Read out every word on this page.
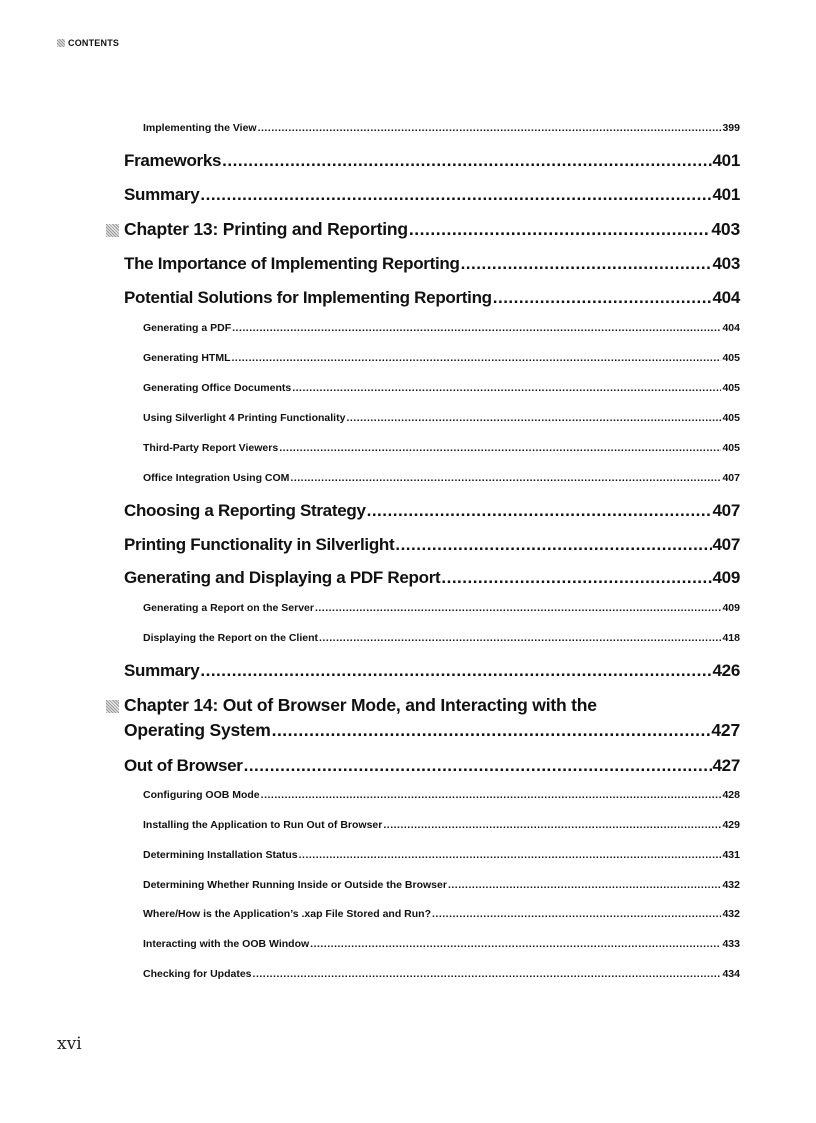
CONTENTS
Implementing the View .....	399
Frameworks .....	401
Summary .....	401
Chapter 13: Printing and Reporting .....	403
The Importance of Implementing Reporting .....	403
Potential Solutions for Implementing Reporting .....	404
Generating a PDF .....	404
Generating HTML .....	405
Generating Office Documents .....	405
Using Silverlight 4 Printing Functionality .....	405
Third-Party Report Viewers .....	405
Office Integration Using COM .....	407
Choosing a Reporting Strategy .....	407
Printing Functionality in Silverlight .....	407
Generating and Displaying a PDF Report .....	409
Generating a Report on the Server .....	409
Displaying the Report on the Client .....	418
Summary .....	426
Chapter 14: Out of Browser Mode, and Interacting with the
Operating System .....	427
Out of Browser .....	427
Configuring OOB Mode .....	428
Installing the Application to Run Out of Browser .....	429
Determining Installation Status .....	431
Determining Whether Running Inside or Outside the Browser .....	432
Where/How is the Application’s .xap File Stored and Run? .....	432
Interacting with the OOB Window .....	433
Checking for Updates .....	434
xvi
